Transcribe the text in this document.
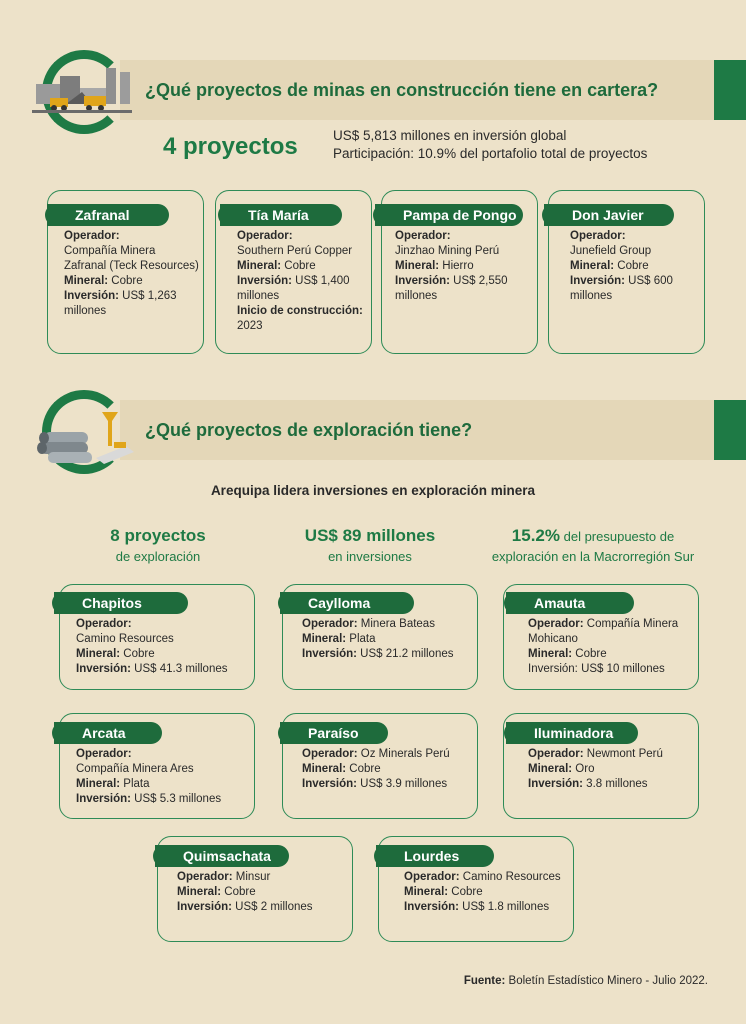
¿Qué proyectos de minas en construcción tiene en cartera?
4 proyectos	US$ 5,813 millones en inversión global
Participación: 10.9% del portafolio total de proyectos
Zafranal
Operador:
Compañía Minera Zafranal (Teck Resources)
Mineral: Cobre
Inversión: US$ 1,263 millones
Tía María
Operador:
Southern Perú Copper
Mineral: Cobre
Inversión: US$ 1,400 millones
Inicio de construcción: 2023
Pampa de Pongo
Operador:
Jinzhao Mining Perú
Mineral: Hierro
Inversión: US$ 2,550 millones
Don Javier
Operador:
Junefield Group
Mineral: Cobre
Inversión: US$ 600 millones
¿Qué proyectos de exploración tiene?
Arequipa lidera inversiones en exploración minera
8 proyectos
de exploración
US$ 89 millones
en inversiones
15.2% del presupuesto de
exploración en la Macrorregión Sur
Chapitos
Operador:
Camino Resources
Mineral: Cobre
Inversión: US$ 41.3 millones
Caylloma
Operador: Minera Bateas
Mineral: Plata
Inversión: US$ 21.2 millones
Amauta
Operador: Compañía Minera Mohicano
Mineral: Cobre
Inversión: US$ 10 millones
Arcata
Operador:
Compañía Minera Ares
Mineral: Plata
Inversión: US$ 5.3 millones
Paraíso
Operador: Oz Minerals Perú
Mineral: Cobre
Inversión: US$ 3.9 millones
Iluminadora
Operador: Newmont Perú
Mineral: Oro
Inversión: 3.8 millones
Quimsachata
Operador: Minsur
Mineral: Cobre
Inversión: US$ 2 millones
Lourdes
Operador: Camino Resources
Mineral: Cobre
Inversión: US$ 1.8 millones
Fuente: Boletín Estadístico Minero - Julio 2022.
